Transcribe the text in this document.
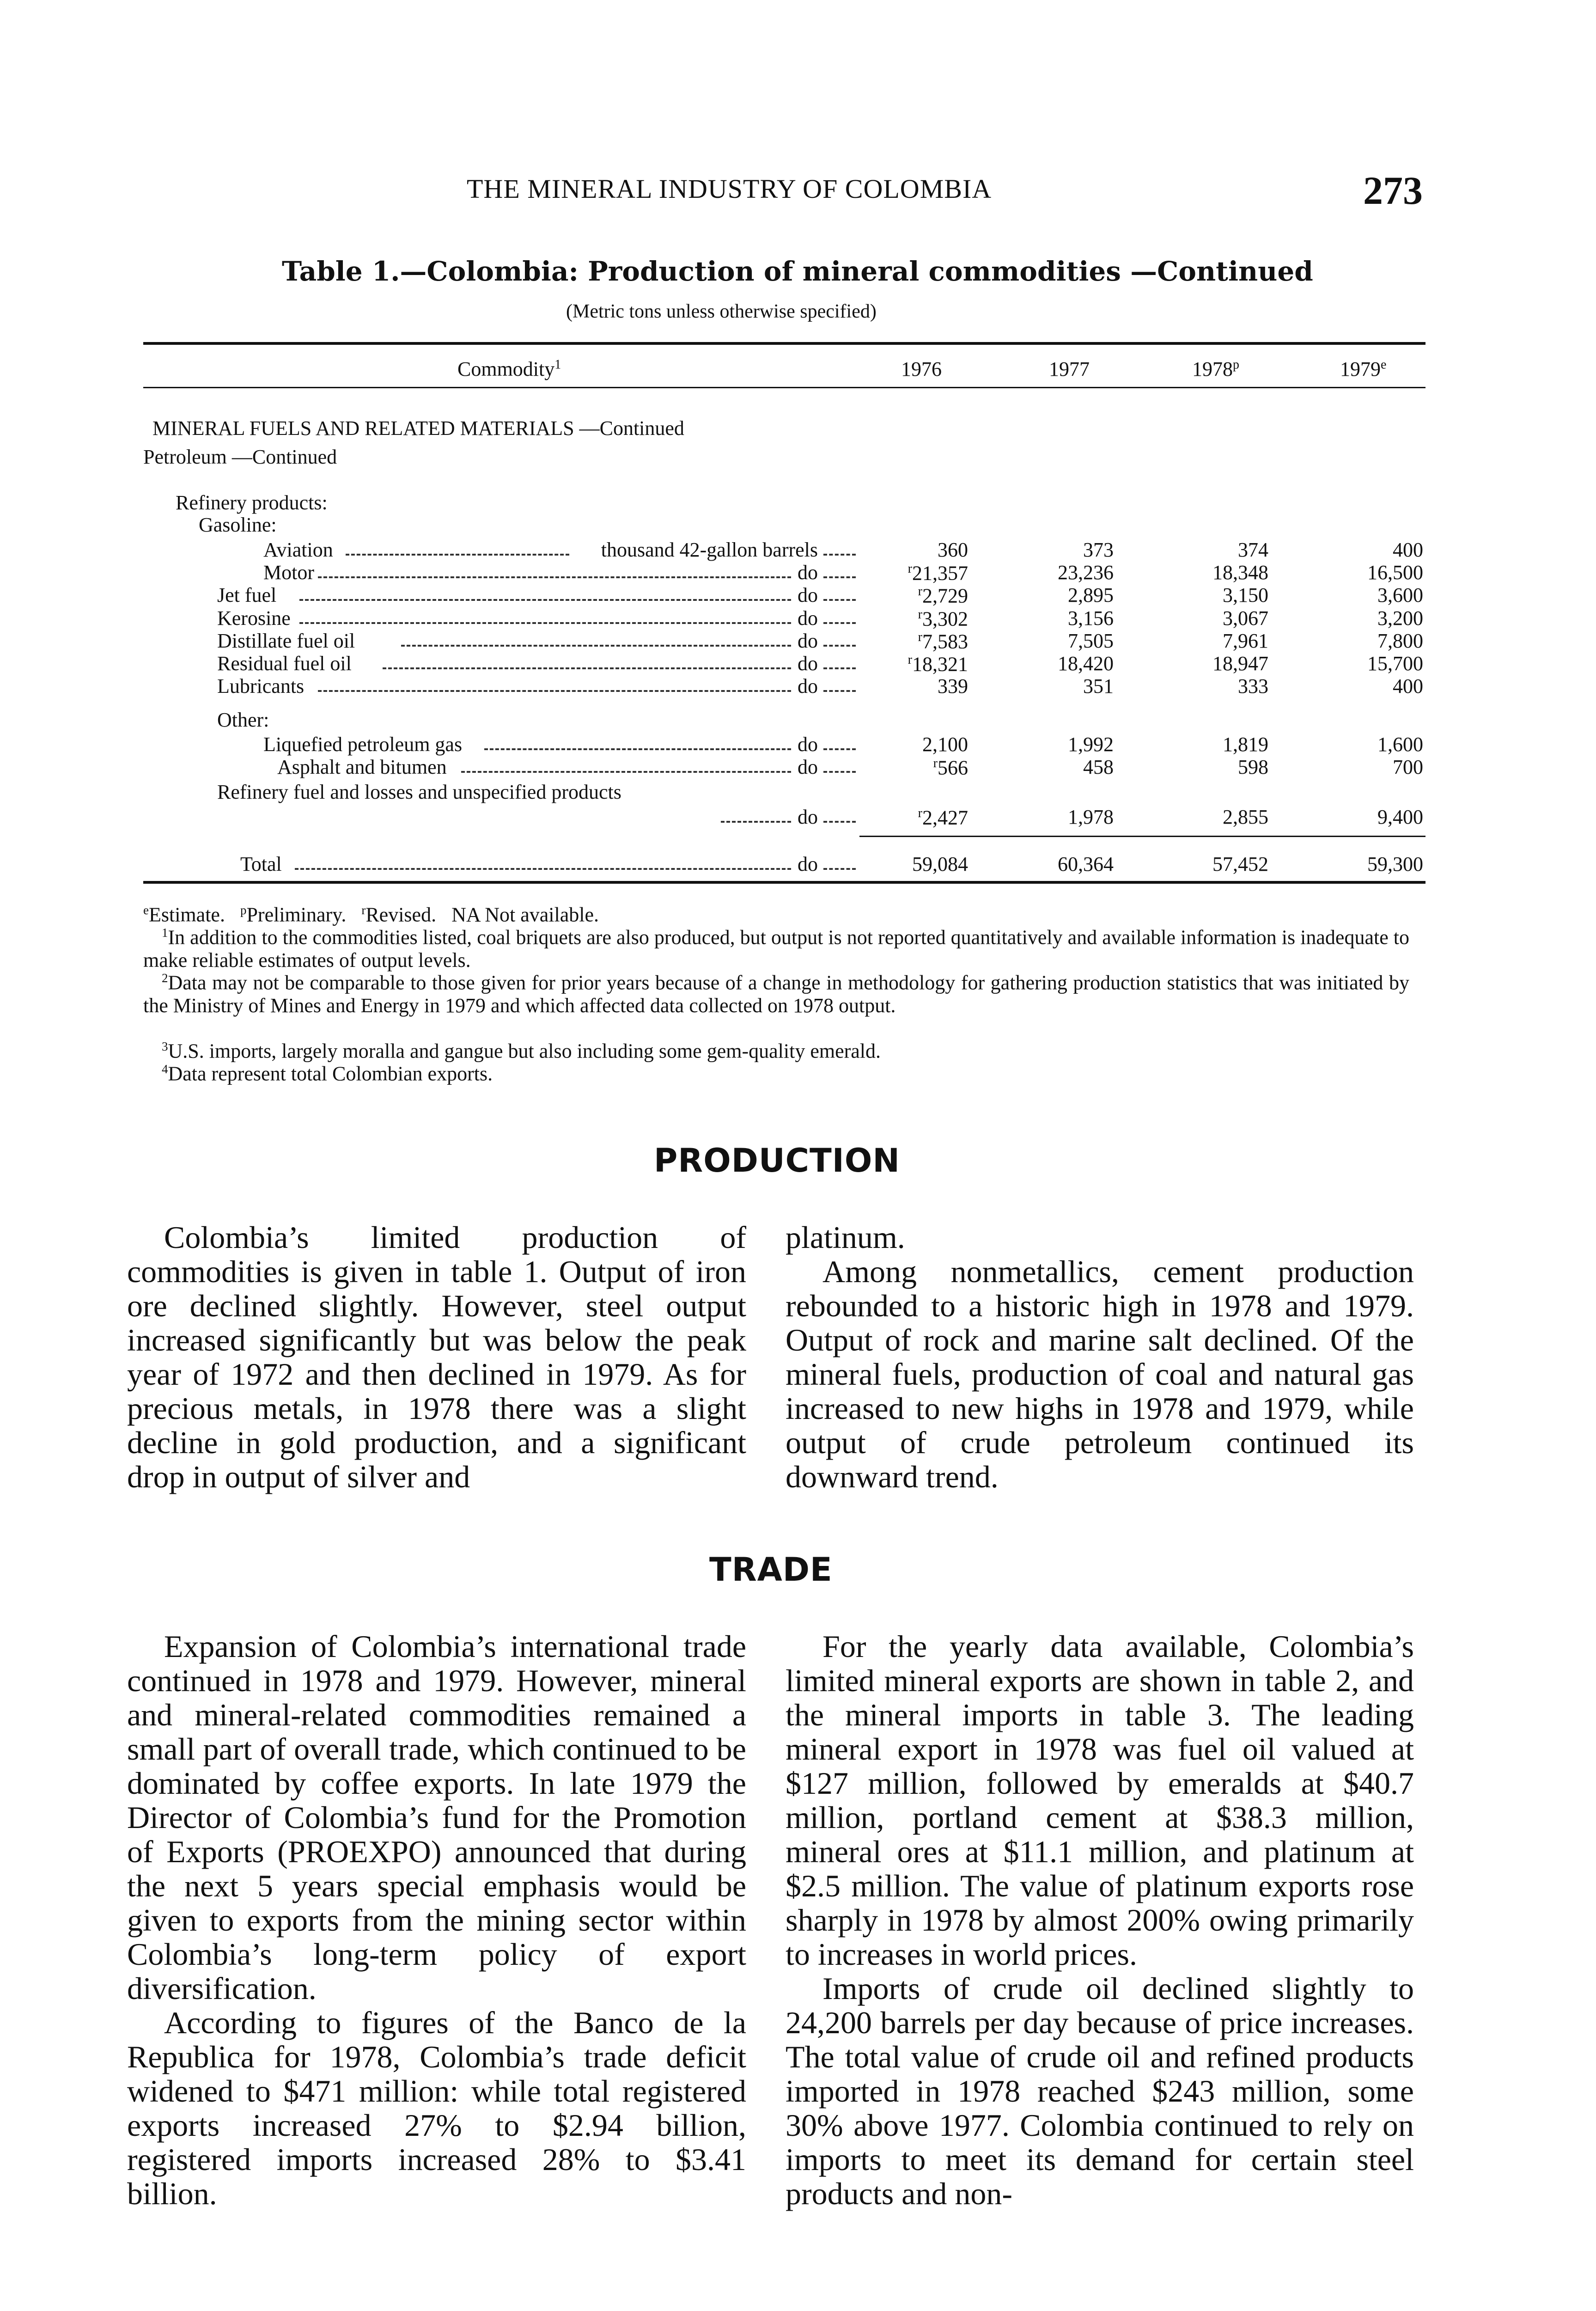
THE MINERAL INDUSTRY OF COLOMBIA	273
Table 1.—Colombia: Production of mineral commodities —Continued
(Metric tons unless otherwise specified)
Commodity$^1$	1976	1977	1978$^p$	1979e
MINERAL FUELS AND RELATED MATERIALS —Continued
Petroleum —Continued
Refinery products:
Gasoline:
Other:
Aviation	thousand 42-gallon barrels	360	373	374	400
Motor	do	$^r$21,357	23,236	18,348	16,500
Jet fuel	do	$^r$2,729	2,895	3,150	3,600
Kerosine	do	$^r$3,302	3,156	3,067	3,200
Distillate fuel oil	do	$^r$7,583	7,505	7,961	7,800
Residual fuel oil	do	$^r$18,321	18,420	18,947	15,700
Lubricants	do	339	351	333	400
Liquefied petroleum gas	do	2,100	1,992	1,819	1,600
Asphalt and bitumen	do	$^r$566	458	598	700
Refinery fuel and losses and unspecified products
do	$^r$2,427	1,978	2,855	9,400
Total	do	59,084	60,364	57,452	59,300
$^e$Estimate. $^p$Preliminary. $^r$Revised. NA Not available.
$^1$In addition to the commodities listed, coal briquets are also produced, but output is not reported quantitatively and available information is inadequate to make reliable estimates of output levels.
$^2$Data may not be comparable to those given for prior years because of a change in methodology for gathering production statistics that was initiated by the Ministry of Mines and Energy in 1979 and which affected data collected on 1978 output.
$^3$U.S. imports, largely moralla and gangue but also including some gem-quality emerald.
$^4$Data represent total Colombian exports.
PRODUCTION

Colombia’s limited production of commodities is given in table 1. Output of iron ore declined slightly. However, steel output increased significantly but was below the peak year of 1972 and then declined in 1979. As for precious metals, in 1978 there was a slight decline in gold production, and a significant drop in output of silver and

platinum.

Among nonmetallics, cement production rebounded to a historic high in 1978 and 1979. Output of rock and marine salt declined. Of the mineral fuels, production of coal and natural gas increased to new highs in 1978 and 1979, while output of crude petroleum continued its downward trend.

TRADE

Expansion of Colombia’s international trade continued in 1978 and 1979. However, mineral and mineral-related commodities remained a small part of overall trade, which continued to be dominated by coffee exports. In late 1979 the Director of Colombia’s fund for the Promotion of Exports (PROEXPO) announced that during the next 5 years special emphasis would be given to exports from the mining sector within Colombia’s long-term policy of export diversification.

According to figures of the Banco de la Republica for 1978, Colombia’s trade deficit widened to $471 million: while total registered exports increased 27% to $2.94 billion, registered imports increased 28% to $3.41 billion.

For the yearly data available, Colombia’s limited mineral exports are shown in table 2, and the mineral imports in table 3. The leading mineral export in 1978 was fuel oil valued at $127 million, followed by emeralds at $40.7 million, portland cement at $38.3 million, mineral ores at $11.1 million, and platinum at $2.5 million. The value of platinum exports rose sharply in 1978 by almost 200% owing primarily to increases in world prices.

Imports of crude oil declined slightly to 24,200 barrels per day because of price increases. The total value of crude oil and refined products imported in 1978 reached $243 million, some 30% above 1977. Colombia continued to rely on imports to meet its demand for certain steel products and non-
